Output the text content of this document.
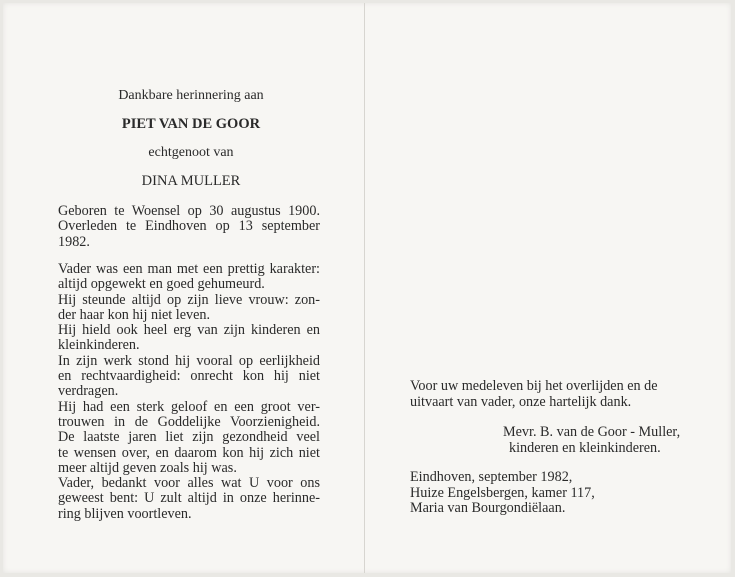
Dankbare herinnering aan
PIET VAN DE GOOR
echtgenoot van
DINA MULLER
Geboren te Woensel op 30 augustus 1900.
Overleden te Eindhoven op 13 september
1982.
Vader was een man met een prettig karakter:
altijd opgewekt en goed gehumeurd.
Hij steunde altijd op zijn lieve vrouw: zon-
der haar kon hij niet leven.
Hij hield ook heel erg van zijn kinderen en
kleinkinderen.
In zijn werk stond hij vooral op eerlijkheid
en rechtvaardigheid: onrecht kon hij niet
verdragen.
Hij had een sterk geloof en een groot ver-
trouwen in de Goddelijke Voorzienigheid.
De laatste jaren liet zijn gezondheid veel
te wensen over, en daarom kon hij zich niet
meer altijd geven zoals hij was.
Vader, bedankt voor alles wat U voor ons
geweest bent: U zult altijd in onze herinne-
ring blijven voortleven.
Voor uw medeleven bij het overlijden en de
uitvaart van vader, onze hartelijk dank.
Mevr. B. van de Goor - Muller,
kinderen en kleinkinderen.
Eindhoven, september 1982,
Huize Engelsbergen, kamer 117,
Maria van Bourgondiëlaan.
